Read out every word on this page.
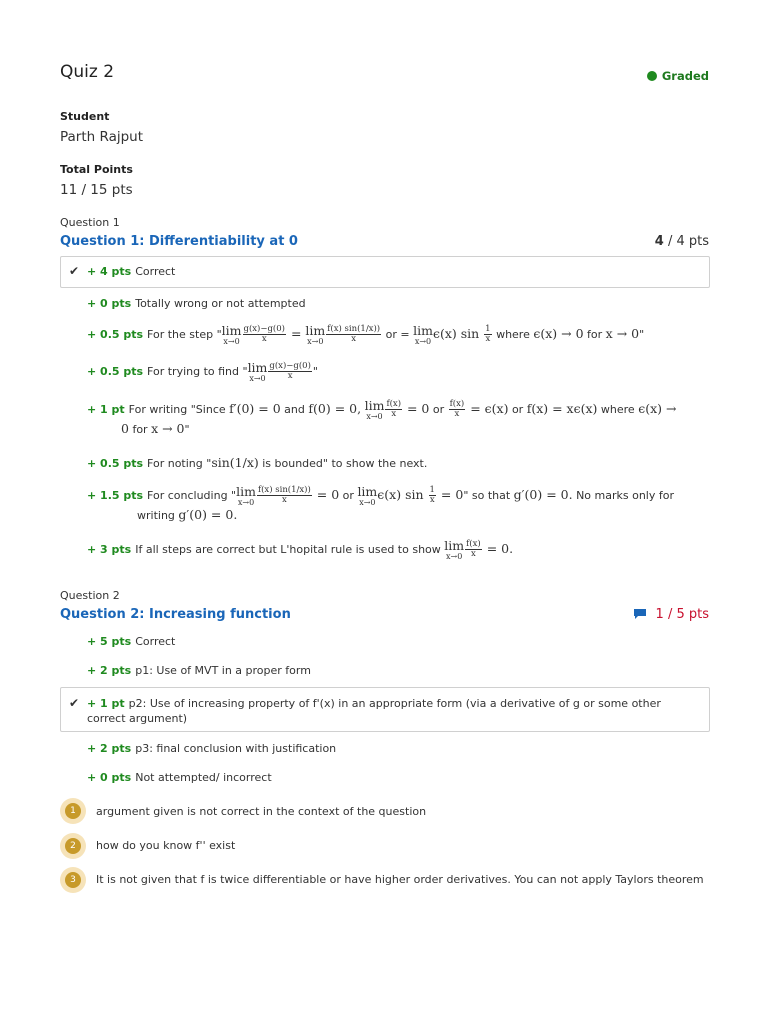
Quiz 2	Graded
Student
Parth Rajput
Total Points
11 / 15 pts
Question 1
Question 1: Differentiability at 0	4 / 4 pts
✔ + 4 pts Correct
+ 0 pts Totally wrong or not attempted
+ 0.5 pts For the step "lim
$x\to 0 \frac{g(x)-g(0)}{x} = \lim$
$x\to 0 \frac{f(x) \sin(1/x))}{x}$ or = lim
x→0
ϵ(x) $\sin \frac{1}{x}$ where ϵ(x) → 0 for x → 0"
+ 0.5 pts For trying to find "lim
$x\to 0 \frac{g(x)-g(0)}{x}$ "
+ 1 pt For writing "Since f′(0) = 0 and f(0) = 0, lim
$x\to 0 \frac{f(x)}{x} = 0$ or $\frac{f(x)}{x} = \epsilon(x)$ or f(x) = xϵ(x) where ϵ(x) →
0 for x → 0"
+ 0.5 pts For noting "sin(1/x) is bounded" to show the next.
+ 1.5 pts For concluding "lim
$x\to 0 \frac{f(x) \sin(1/x))}{x} = 0$ or lim
x→0
ϵ(x) $\sin \frac{1}{x} = 0$" so that g′(0) = 0. No marks only for
writing g′(0) = 0.
+ 3 pts If all steps are correct but L'hopital rule is used to show lim
$x\to 0 \frac{f(x)}{x} = 0$.
Question 2
Question 2: Increasing function	1 / 5 pts
+ 5 pts Correct
+ 2 pts p1: Use of MVT in a proper form
✔ + 1 pt p2: Use of increasing property of f'(x) in an appropriate form (via a derivative of g or some other correct argument)
+ 2 pts p3: final conclusion with justification
+ 0 pts Not attempted/ incorrect
1	argument given is not correct in the context of the question
2	how do you know f'' exist
3	It is not given that f is twice differentiable or have higher order derivatives. You can not apply Taylors theorem
